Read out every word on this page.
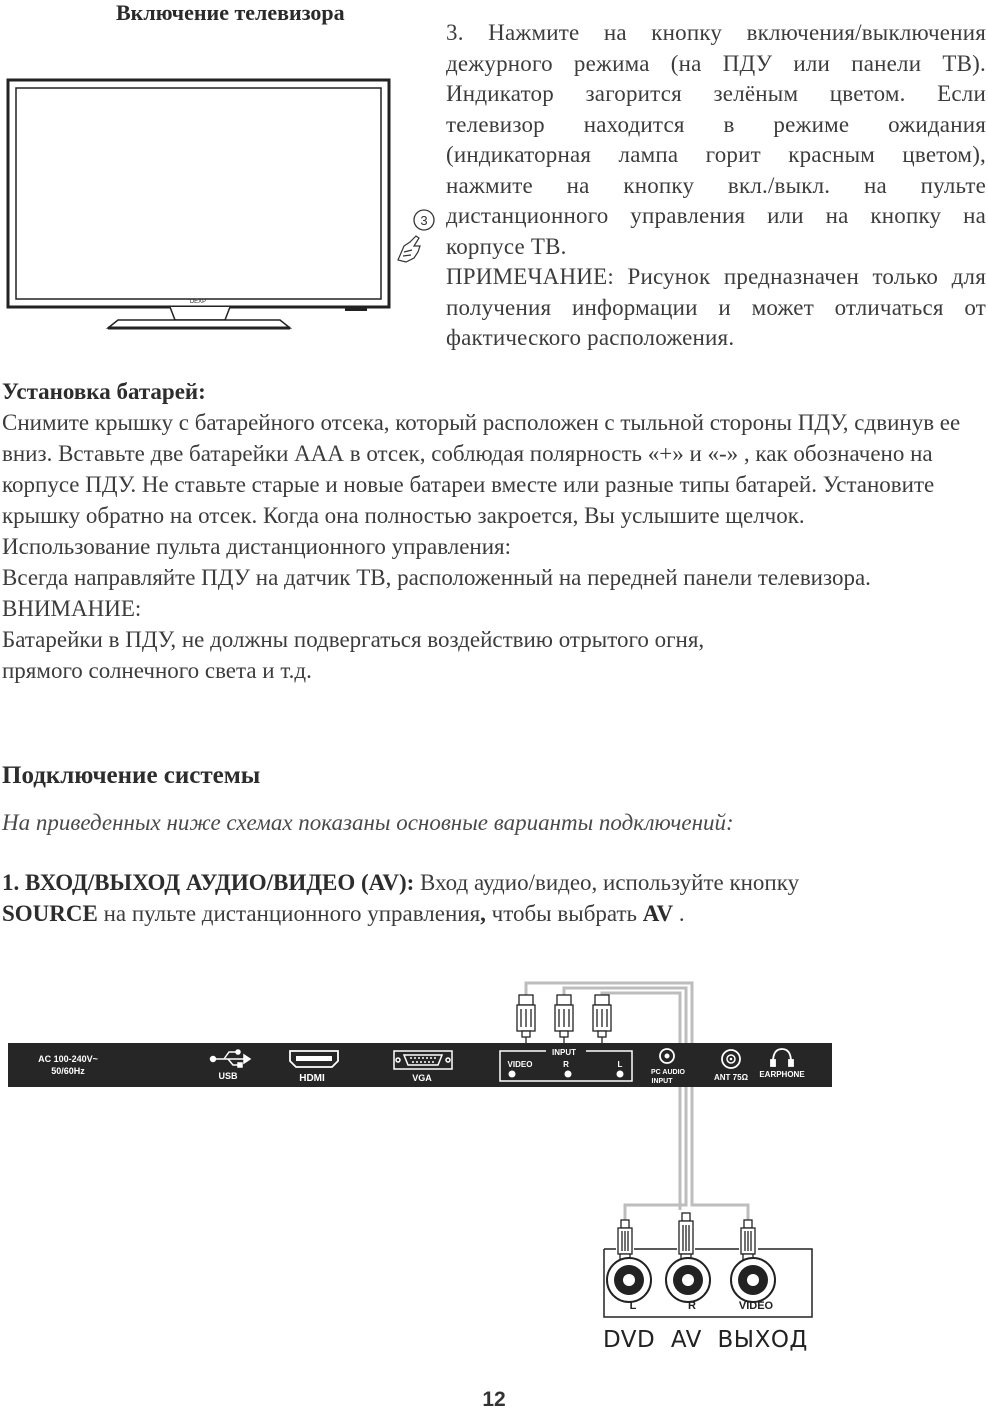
Включение телевизора
DEXP
3

3. Нажмите на кнопку включения/выключения дежурного режима (на ПДУ или панели ТВ). Индикатор загорится зелёным цветом. Если телевизор находится в режиме ожидания (индикаторная лампа горит красным цветом), нажмите на кнопку вкл./выкл. на пульте дистанционного управления или на кнопку на корпусе ТВ.

ПРИМЕЧАНИЕ: Рисунок предназначен только для получения информации и может отличаться от фактического расположения.

Установка батарей:

Снимите крышку с батарейного отсека, который расположен с тыльной стороны ПДУ, сдвинув ее вниз. Вставьте две батарейки ААА в отсек, соблюдая полярность «+» и «-» , как обозначено на корпусе ПДУ. Не ставьте старые и новые батареи вместе или разные типы батарей. Установите крышку обратно на отсек. Когда она полностью закроется, Вы услышите щелчок.

Использование пульта дистанционного управления:

Всегда направляйте ПДУ на датчик ТВ, расположенный на передней панели телевизора.

ВНИМАНИЕ:

Батарейки в ПДУ, не должны подвергаться воздействию отрытого огня,

прямого солнечного света и т.д.

Подключение системы
На приведенных ниже схемах показаны основные варианты подключений:
1. ВХОД/ВЫХОД АУДИО/ВИДЕО (AV): Вход аудио/видео, используйте кнопку
SOURCE на пульте дистанционного управления, чтобы выбрать AV .
AC 100-240V~
50/60Hz	USB	HDMI	VGA
INPUT
VIDEO	R	L
PC AUDIO
INPUT	ANT 75Ω EARPHONE
L	R	VIDEO
DVD  AV  ВЫХОД
12
